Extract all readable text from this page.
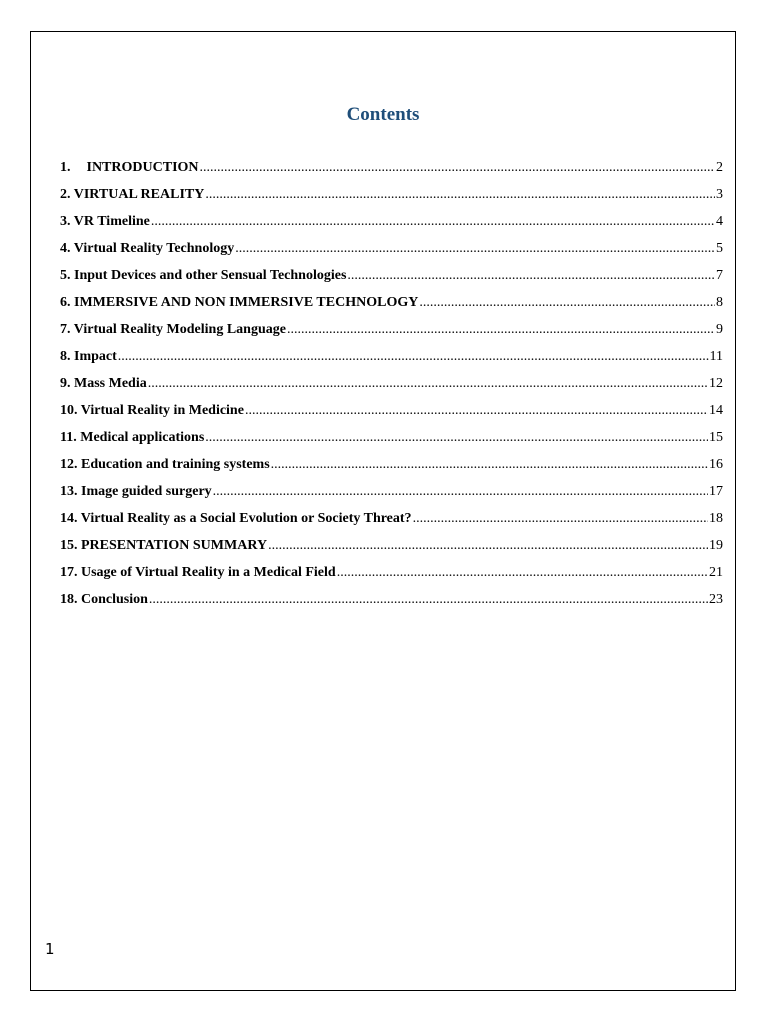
Contents
1. INTRODUCTION .....	2
2. VIRTUAL REALITY .....	3
3. VR Timeline .....	4
4. Virtual Reality Technology .....	5
5. Input Devices and other Sensual Technologies .....	7
6. IMMERSIVE AND NON IMMERSIVE TECHNOLOGY .....	8
7. Virtual Reality Modeling Language .....	9
8. Impact .....	11
9. Mass Media .....	12
10. Virtual Reality in Medicine .....	14
11. Medical applications .....	15
12. Education and training systems .....	16
13. Image guided surgery .....	17
14. Virtual Reality as a Social Evolution or Society Threat? .....	18
15. PRESENTATION SUMMARY .....	19
17. Usage of Virtual Reality in a Medical Field .....	21
18. Conclusion .....	23
1
